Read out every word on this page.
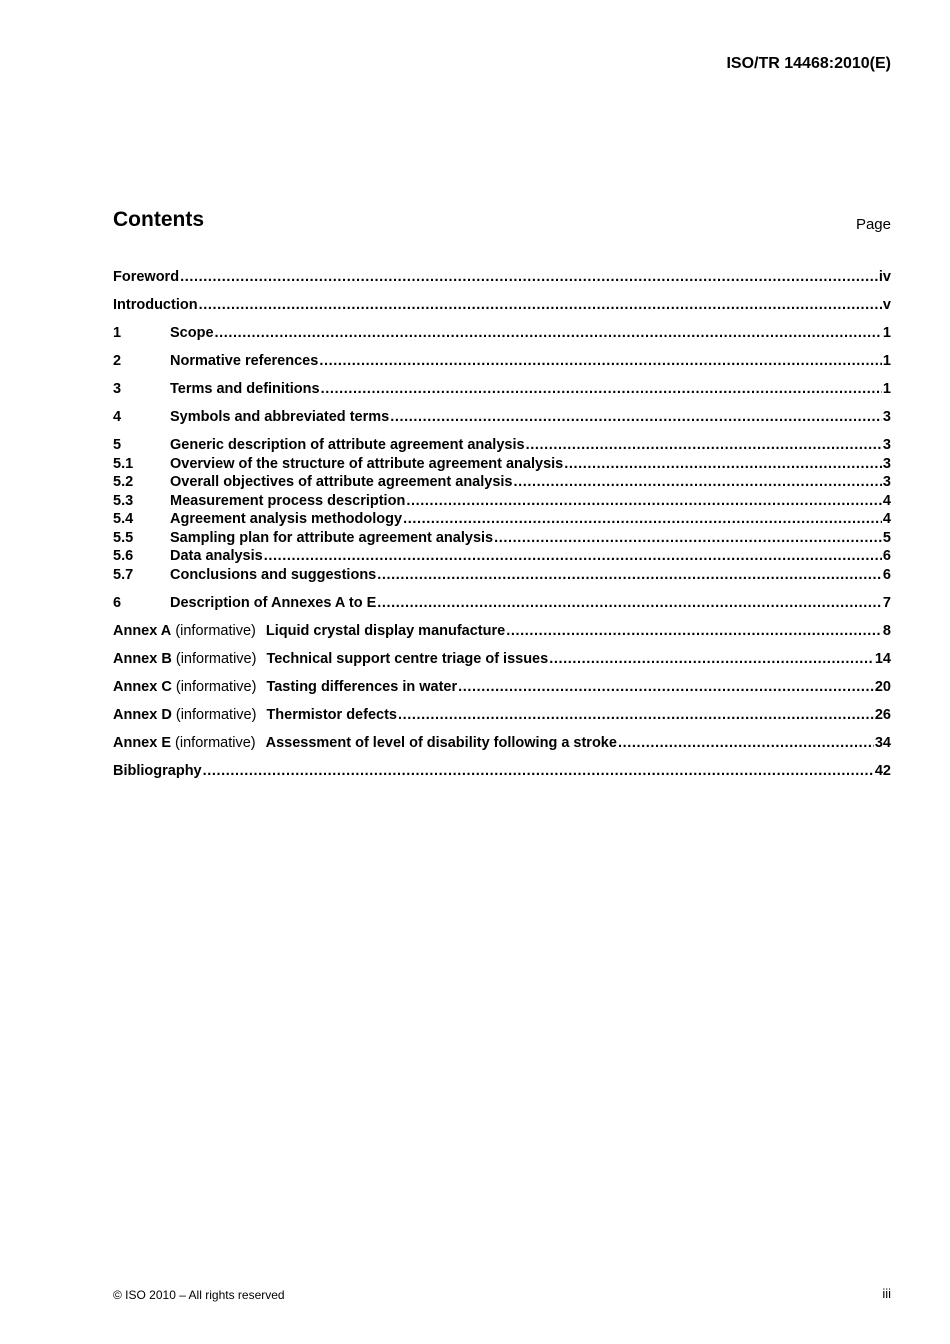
ISO/TR 14468:2010(E)
Contents	Page
Foreword .....	iv
Introduction .....	v
1	Scope .....	1
2	Normative references .....	1
3	Terms and definitions .....	1
4	Symbols and abbreviated terms .....	3
5	Generic description of attribute agreement analysis .....	3
5.1	Overview of the structure of attribute agreement analysis .....	3
5.2	Overall objectives of attribute agreement analysis .....	3
5.3	Measurement process description .....	4
5.4	Agreement analysis methodology .....	4
5.5	Sampling plan for attribute agreement analysis .....	5
5.6	Data analysis .....	6
5.7	Conclusions and suggestions .....	6
6	Description of Annexes A to E .....	7
Annex A (informative) Liquid crystal display manufacture .....	8
Annex B (informative) Technical support centre triage of issues .....	14
Annex C (informative) Tasting differences in water .....	20
Annex D (informative) Thermistor defects .....	26
Annex E (informative) Assessment of level of disability following a stroke .....	34
Bibliography .....	42
© ISO 2010 – All rights reserved	iii
